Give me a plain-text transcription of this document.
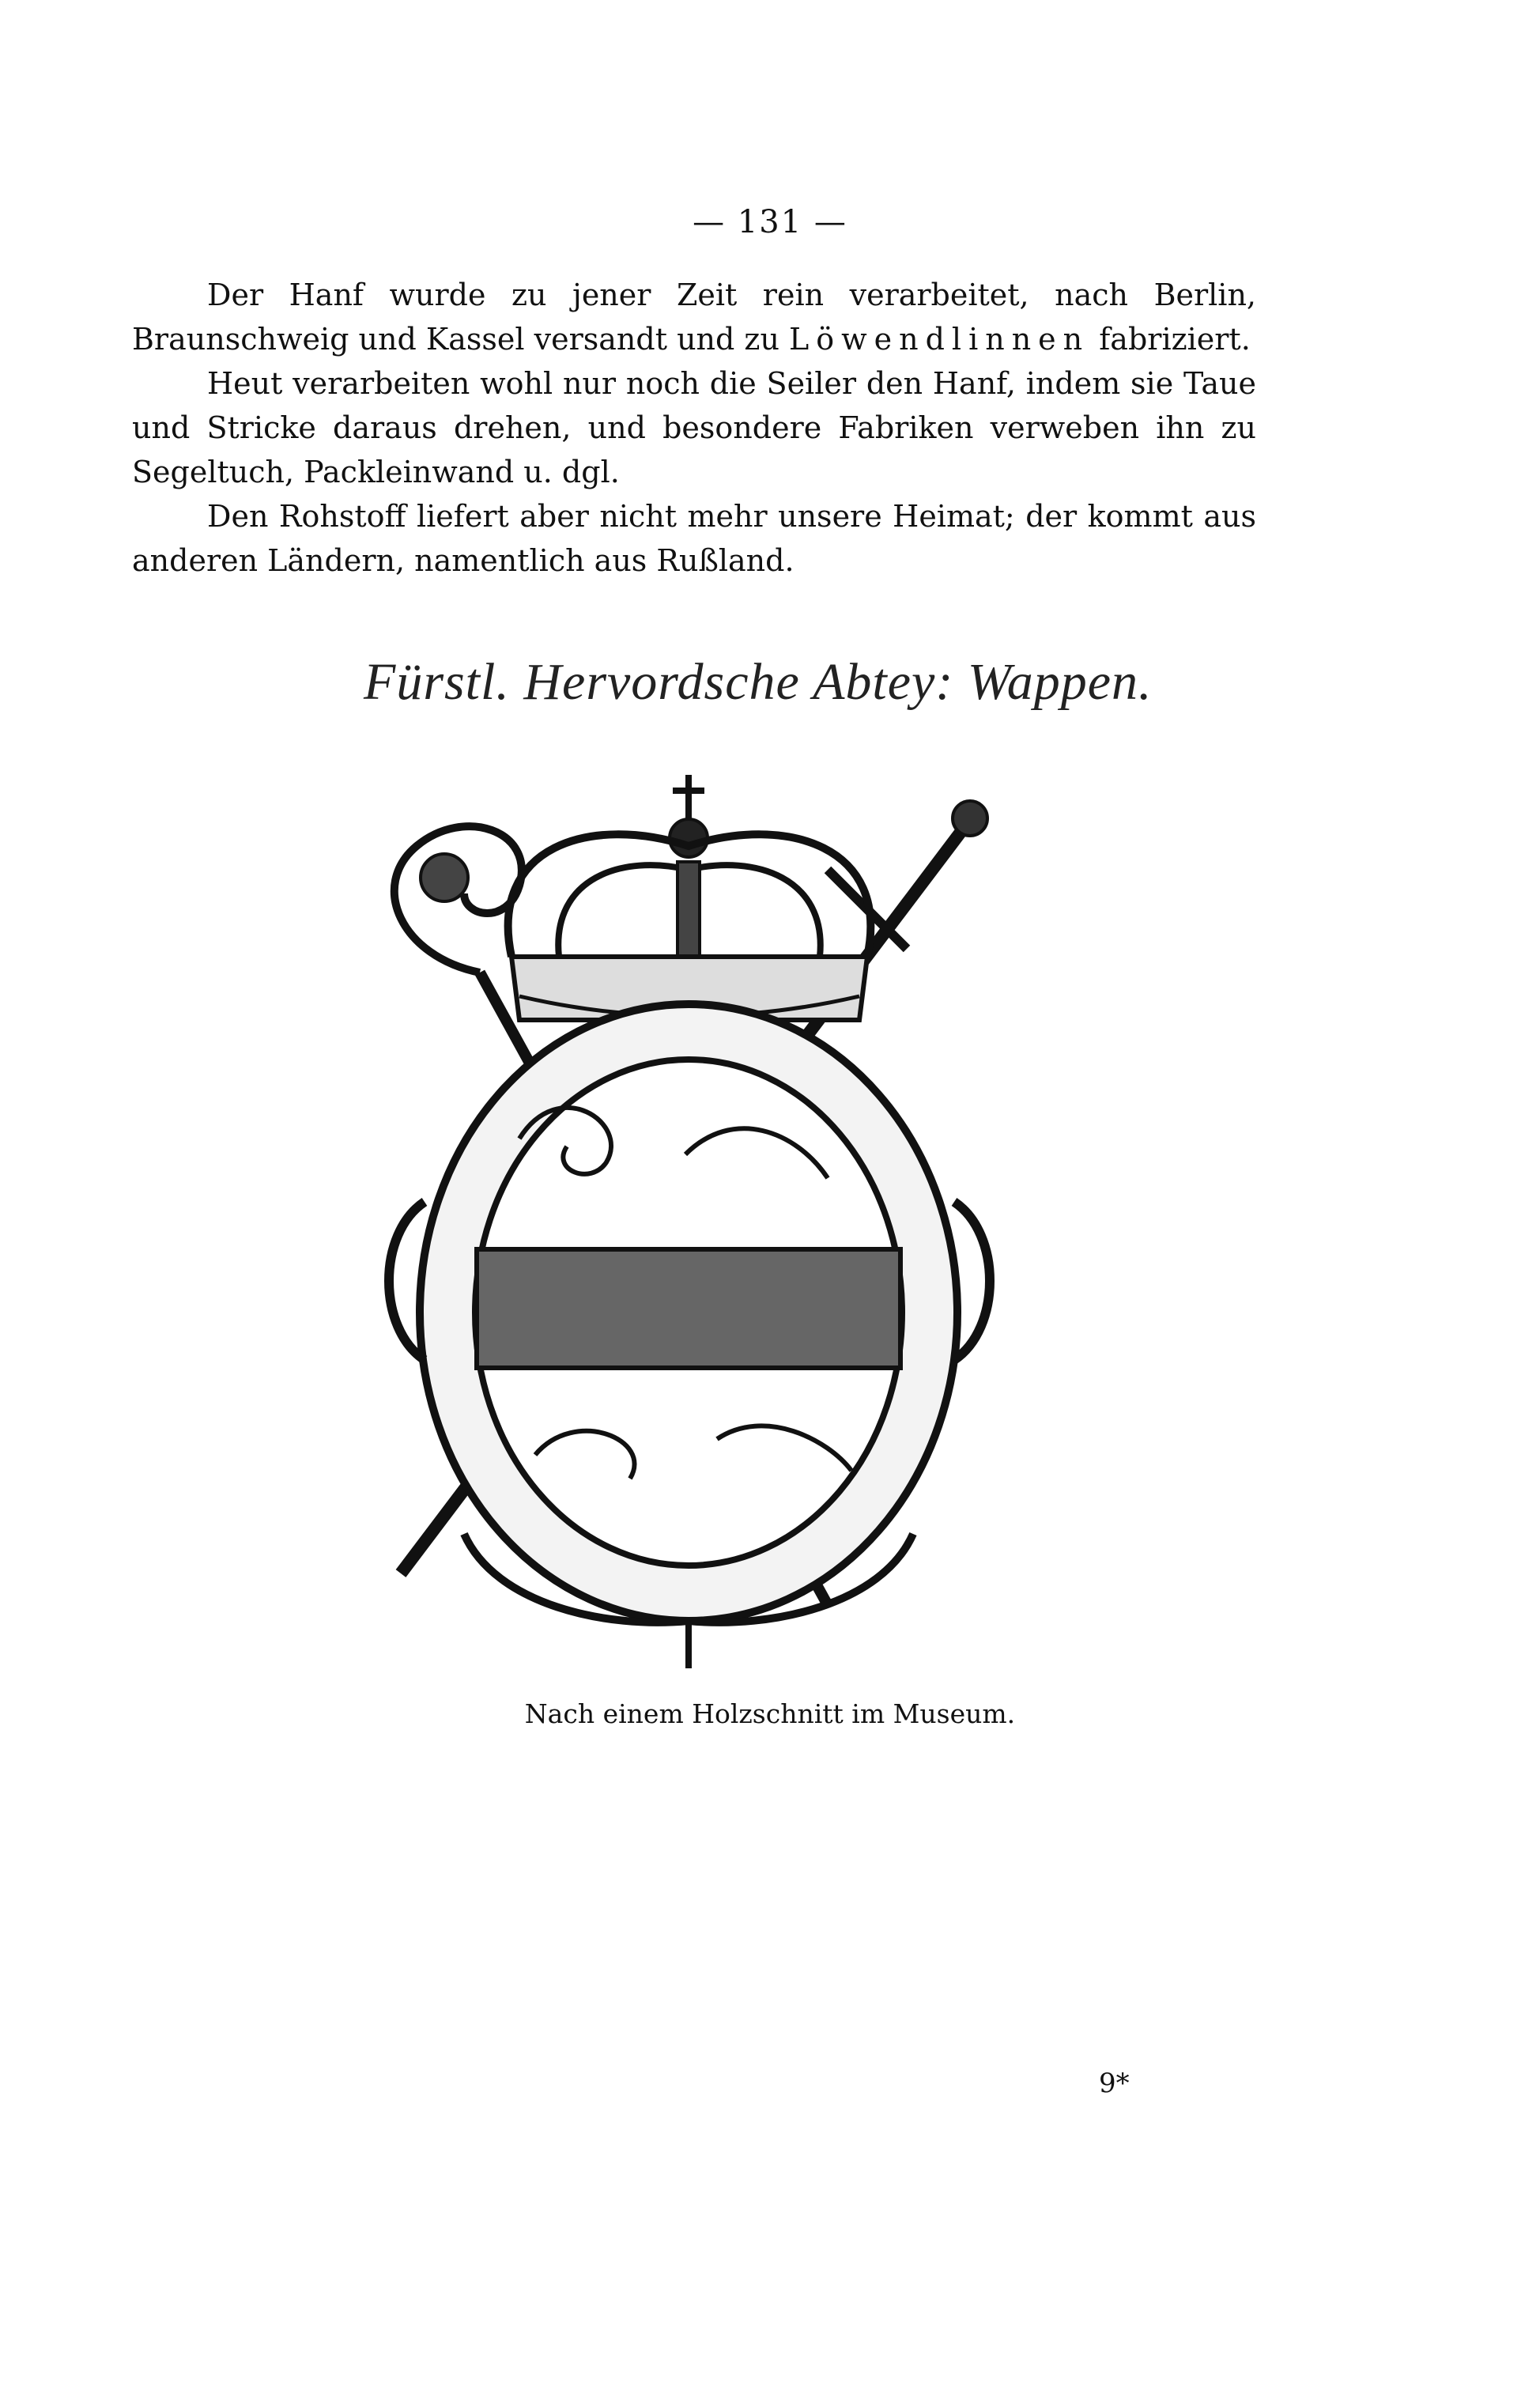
— 131 —

Der Hanf wurde zu jener Zeit rein verarbeitet, nach Berlin, Braunschweig und Kassel versandt und zu Löwendlinnen fabriziert.

Heut verarbeiten wohl nur noch die Seiler den Hanf, indem sie Taue und Stricke daraus drehen, und besondere Fabriken verweben ihn zu Segeltuch, Packleinwand u. dgl.

Den Rohstoff liefert aber nicht mehr unsere Heimat; der kommt aus anderen Ländern, namentlich aus Rußland.

Fürstl. Hervordsche Abtey: Wappen.
Nach einem Holzschnitt im Museum.
9*
